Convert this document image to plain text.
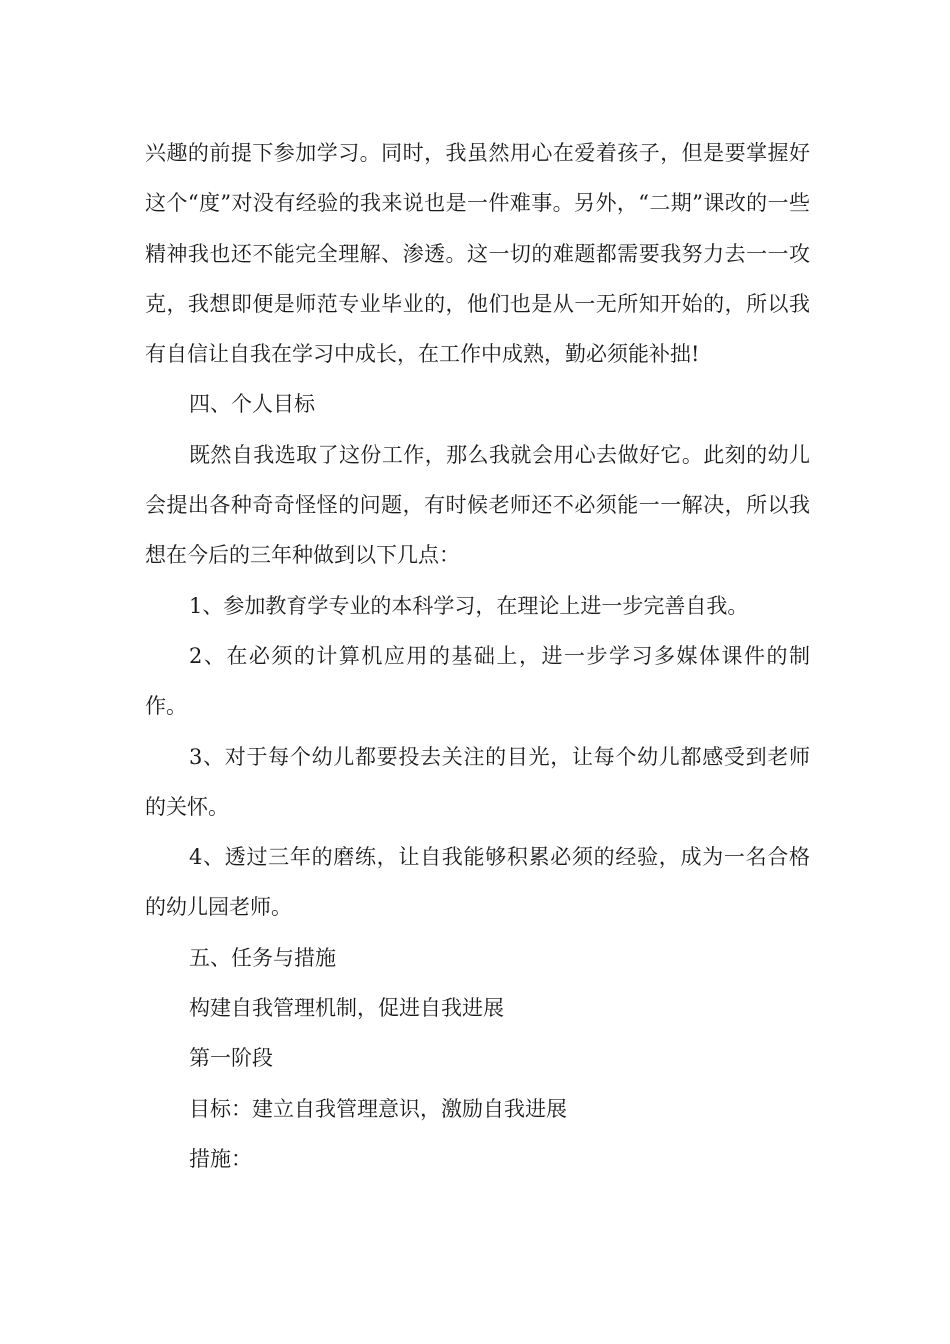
兴趣的前提下参加学习。同时，我虽然用心在爱着孩子，但是要掌握好这个“度”对没有经验的我来说也是一件难事。另外，“二期”课改的一些精神我也还不能完全理解、渗透。这一切的难题都需要我努力去一一攻克，我想即便是师范专业毕业的，他们也是从一无所知开始的，所以我有自信让自我在学习中成长，在工作中成熟，勤必须能补拙!

四、个人目标

既然自我选取了这份工作，那么我就会用心去做好它。此刻的幼儿会提出各种奇奇怪怪的问题，有时候老师还不必须能一一解决，所以我想在今后的三年种做到以下几点：

1、参加教育学专业的本科学习，在理论上进一步完善自我。

2、在必须的计算机应用的基础上，进一步学习多媒体课件的制作。

3、对于每个幼儿都要投去关注的目光，让每个幼儿都感受到老师的关怀。

4、透过三年的磨练，让自我能够积累必须的经验，成为一名合格的幼儿园老师。

五、任务与措施

构建自我管理机制，促进自我进展

第一阶段

目标：建立自我管理意识，激励自我进展

措施：
